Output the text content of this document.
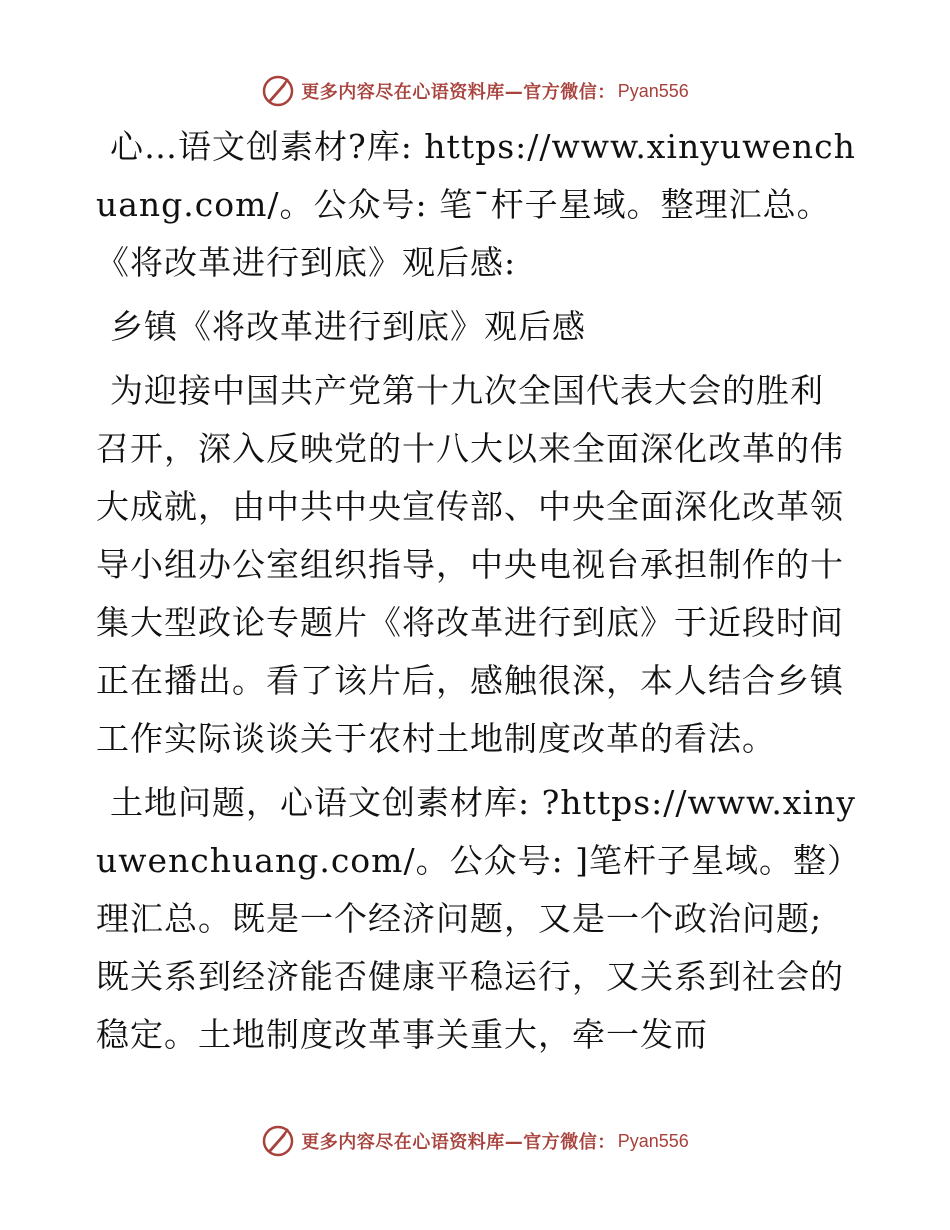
更多内容尽在心语资料库—官方微信： Pyan556

心…语文创素材?库: https://www.xinyuwenchuang.com/。公众号: 笔¯杆子星域。整理汇总。《将改革进行到底》观后感:

乡镇《将改革进行到底》观后感

为迎接中国共产党第十九次全国代表大会的胜利召开，深入反映党的十八大以来全面深化改革的伟大成就，由中共中央宣传部、中央全面深化改革领导小组办公室组织指导，中央电视台承担制作的十集大型政论专题片《将改革进行到底》于近段时间正在播出。看了该片后，感触很深，本人结合乡镇工作实际谈谈关于农村土地制度改革的看法。

土地问题，心语文创素材库: ?https://www.xinyuwenchuang.com/。公众号: ]笔杆子星域。整）理汇总。既是一个经济问题，又是一个政治问题; 既关系到经济能否健康平稳运行，又关系到社会的稳定。土地制度改革事关重大，牵一发而

更多内容尽在心语资料库—官方微信： Pyan556
